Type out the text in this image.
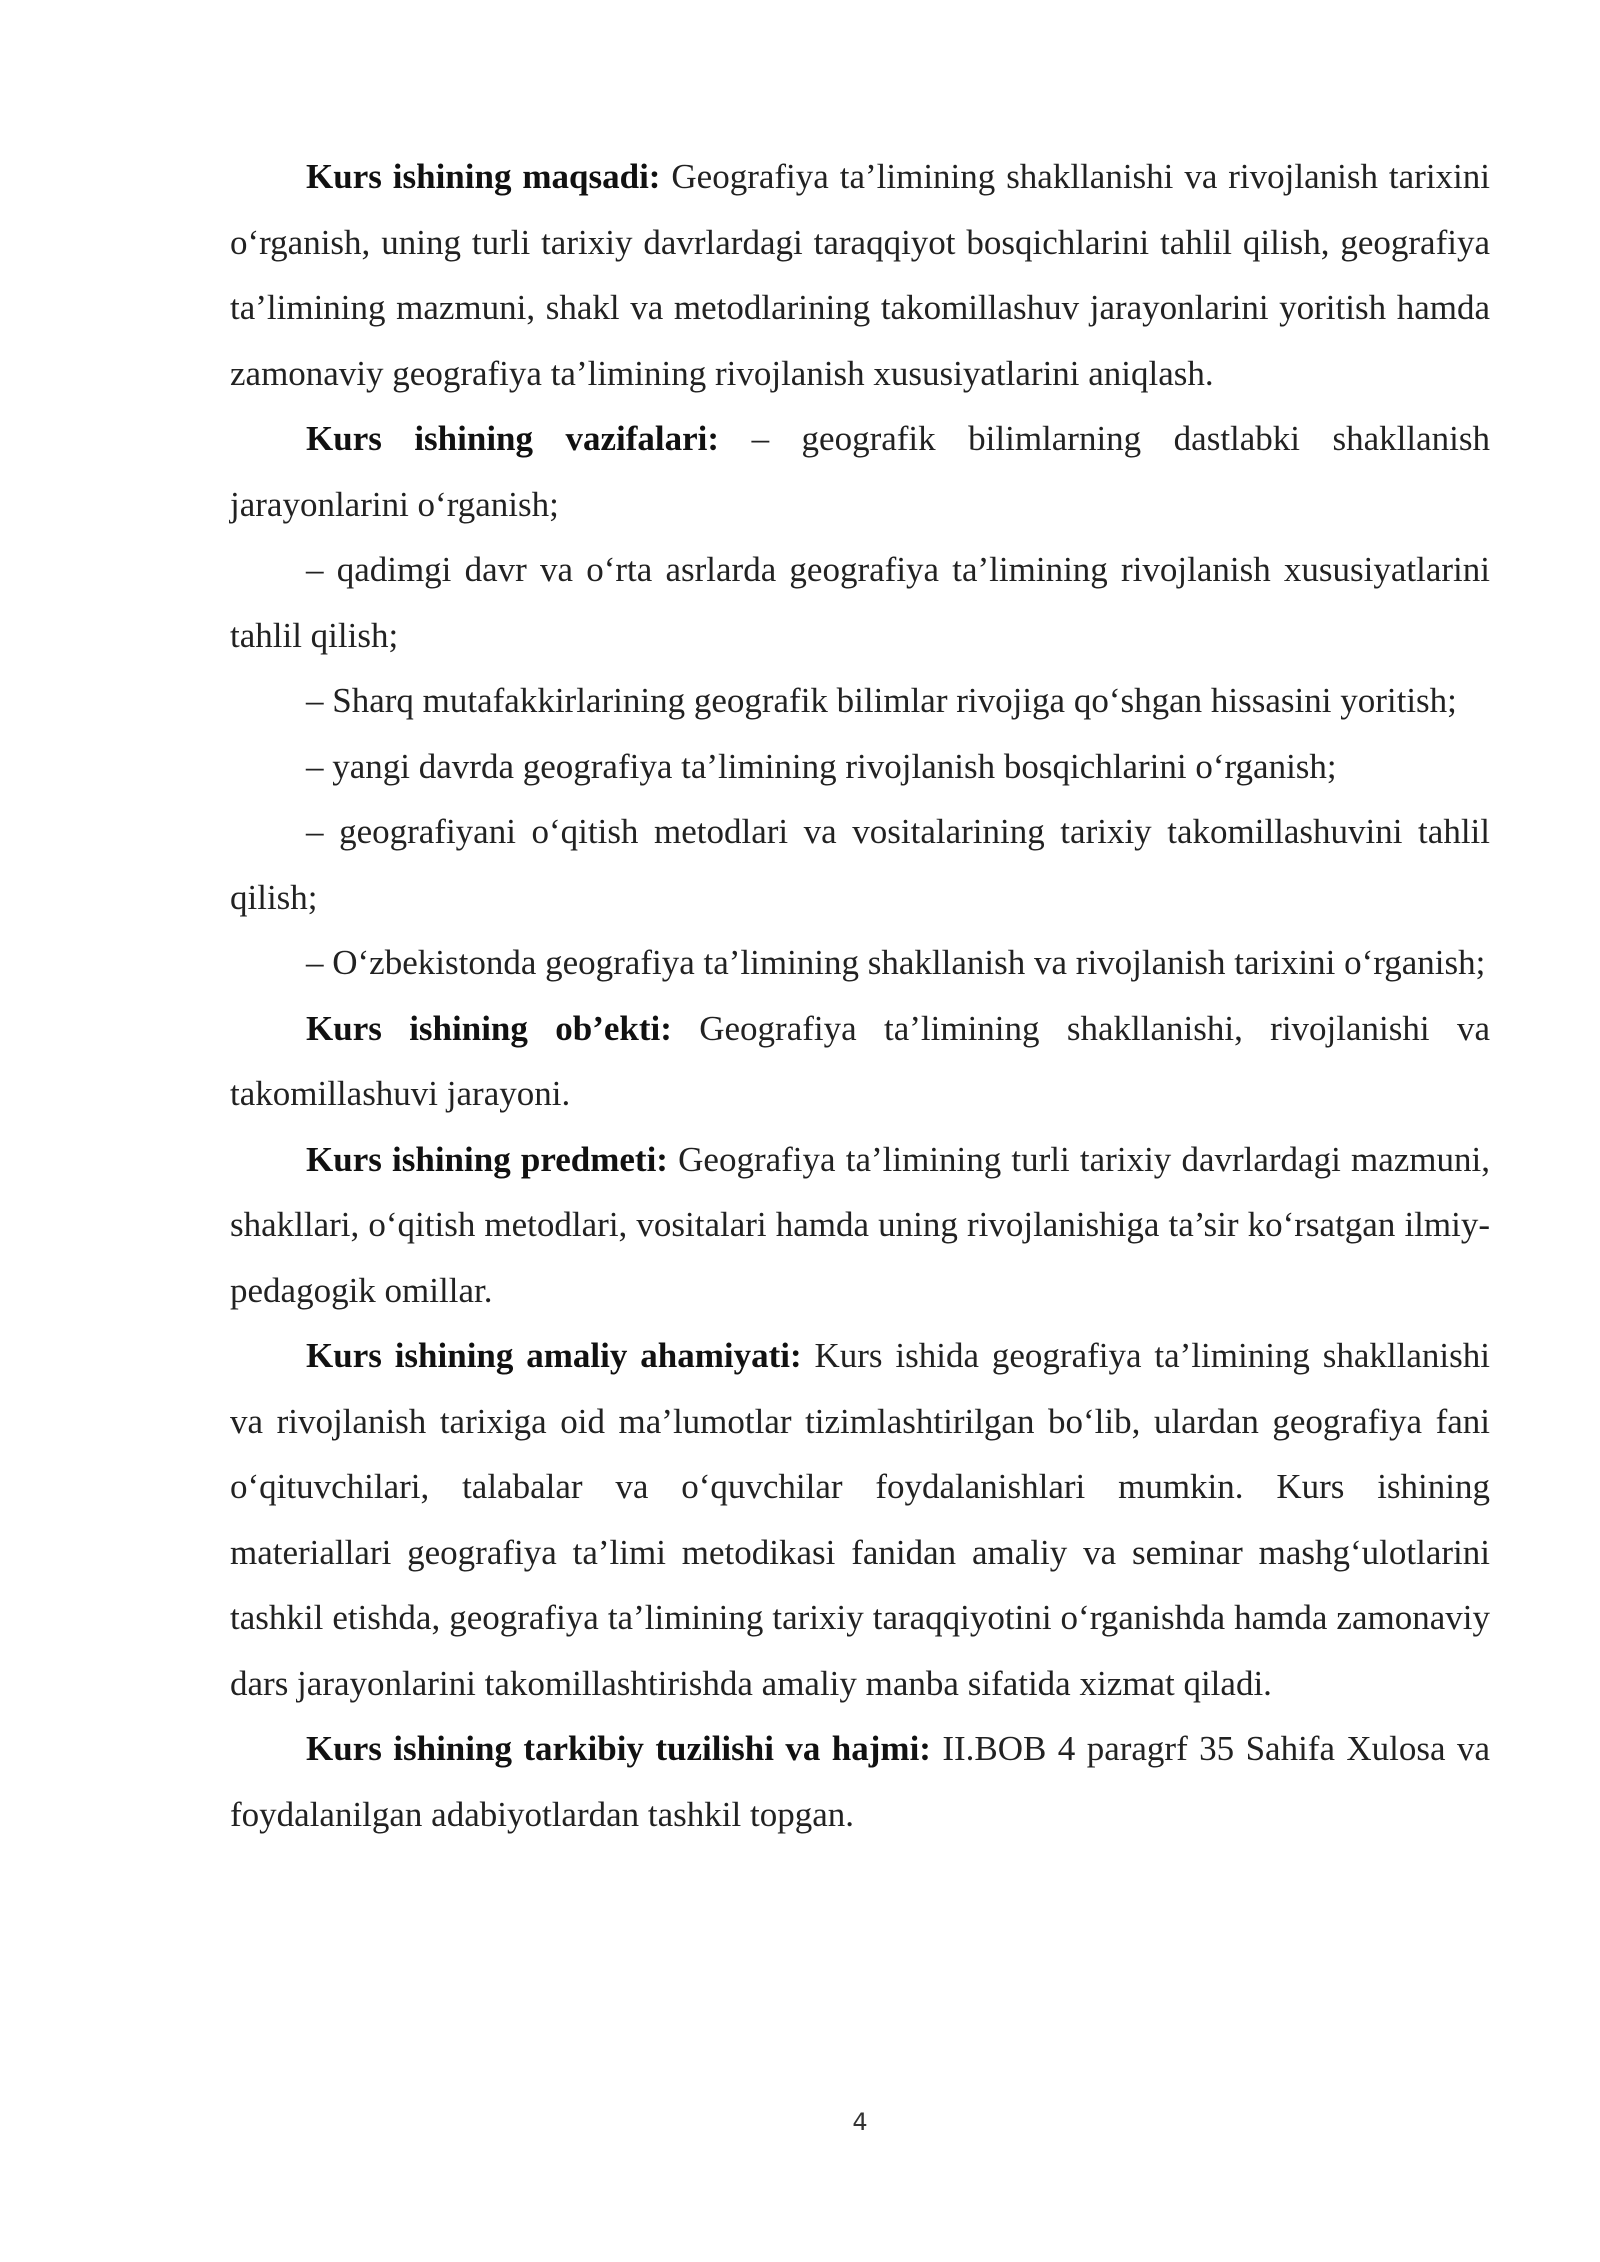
Kurs ishining maqsadi: Geografiya ta’limining shakllanishi va rivojlanish tarixini o‘rganish, uning turli tarixiy davrlardagi taraqqiyot bosqichlarini tahlil qilish, geografiya ta’limining mazmuni, shakl va metodlarining takomillashuv jarayonlarini yoritish hamda zamonaviy geografiya ta’limining rivojlanish xususiyatlarini aniqlash.

Kurs ishining vazifalari: – geografik bilimlarning dastlabki shakllanish jarayonlarini o‘rganish;

– qadimgi davr va o‘rta asrlarda geografiya ta’limining rivojlanish xususiyatlarini tahlil qilish;

– Sharq mutafakkirlarining geografik bilimlar rivojiga qo‘shgan hissasini yoritish;

– yangi davrda geografiya ta’limining rivojlanish bosqichlarini o‘rganish;

– geografiyani o‘qitish metodlari va vositalarining tarixiy takomillashuvini tahlil qilish;

– O‘zbekistonda geografiya ta’limining shakllanish va rivojlanish tarixini o‘rganish;

Kurs ishining ob’ekti: Geografiya ta’limining shakllanishi, rivojlanishi va takomillashuvi jarayoni.

Kurs ishining predmeti: Geografiya ta’limining turli tarixiy davrlardagi mazmuni, shakllari, o‘qitish metodlari, vositalari hamda uning rivojlanishiga ta’sir ko‘rsatgan ilmiy-pedagogik omillar.

Kurs ishining amaliy ahamiyati: Kurs ishida geografiya ta’limining shakllanishi va rivojlanish tarixiga oid ma’lumotlar tizimlashtirilgan bo‘lib, ulardan geografiya fani o‘qituvchilari, talabalar va o‘quvchilar foydalanishlari mumkin. Kurs ishining materiallari geografiya ta’limi metodikasi fanidan amaliy va seminar mashg‘ulotlarini tashkil etishda, geografiya ta’limining tarixiy taraqqiyotini o‘rganishda hamda zamonaviy dars jarayonlarini takomillashtirishda amaliy manba sifatida xizmat qiladi.

Kurs ishining tarkibiy tuzilishi va hajmi: II.BOB 4 paragrf 35 Sahifa Xulosa va foydalanilgan adabiyotlardan tashkil topgan.

4
